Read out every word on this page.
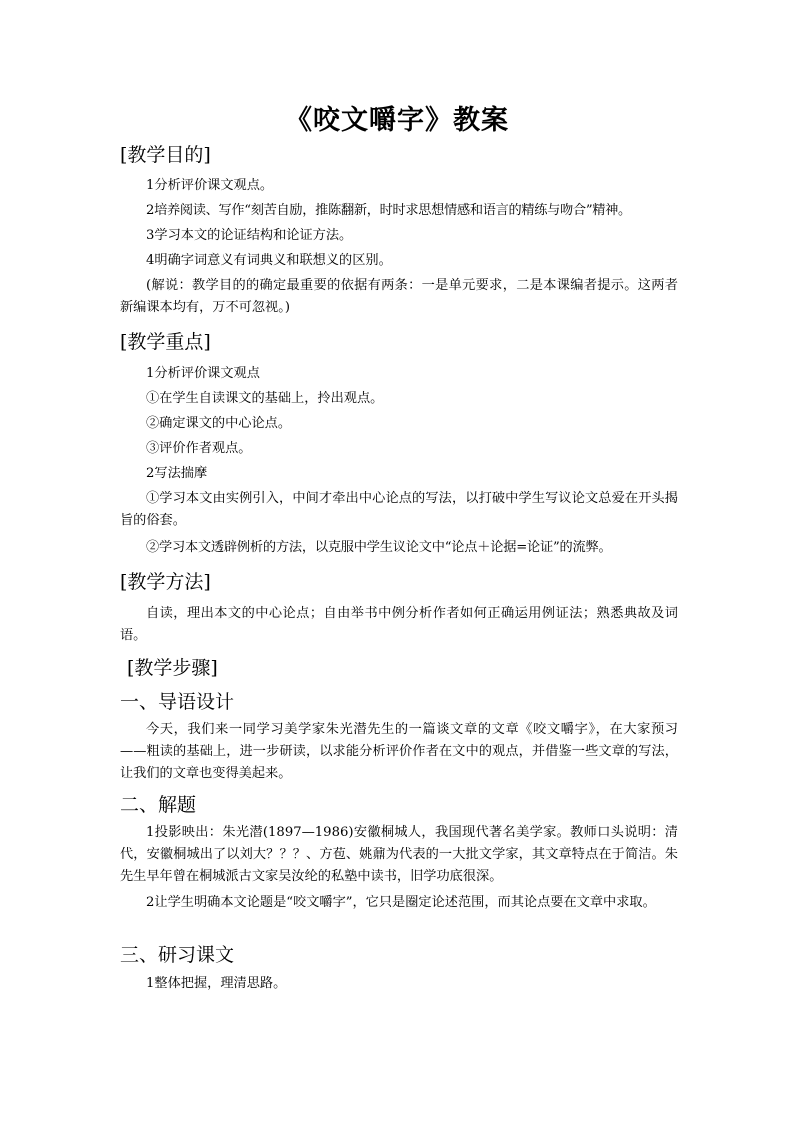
《咬文嚼字》教案
[教学目的]
1分析评价课文观点。
2培养阅读、写作“刻苦自励，推陈翻新，时时求思想情感和语言的精练与吻合”精神。
3学习本文的论证结构和论证方法。
4明确字词意义有词典义和联想义的区别。
(解说：教学目的的确定最重要的依据有两条：一是单元要求，二是本课编者提示。这两者新编课本均有，万不可忽视。)
[教学重点]
1分析评价课文观点
①在学生自读课文的基础上，拎出观点。
②确定课文的中心论点。
③评价作者观点。
2写法揣摩
①学习本文由实例引入，中间才牵出中心论点的写法，以打破中学生写议论文总爱在开头揭旨的俗套。
②学习本文透辟例析的方法，以克服中学生议论文中“论点＋论据=论证”的流弊。
[教学方法]
自读，理出本文的中心论点；自由举书中例分析作者如何正确运用例证法；熟悉典故及词语。
[教学步骤]
一、导语设计
今天，我们来一同学习美学家朱光潜先生的一篇谈文章的文章《咬文嚼字》，在大家预习——粗读的基础上，进一步研读，以求能分析评价作者在文中的观点，并借鉴一些文章的写法，让我们的文章也变得美起来。
二、解题
1投影映出：朱光潜(1897—1986)安徽桐城人，我国现代著名美学家。教师口头说明：清代，安徽桐城出了以刘大？？？、方苞、姚鼐为代表的一大批文学家，其文章特点在于简洁。朱先生早年曾在桐城派古文家吴汝纶的私塾中读书，旧学功底很深。
2让学生明确本文论题是“咬文嚼字”，它只是圈定论述范围，而其论点要在文章中求取。
三、研习课文
1整体把握，理清思路。
